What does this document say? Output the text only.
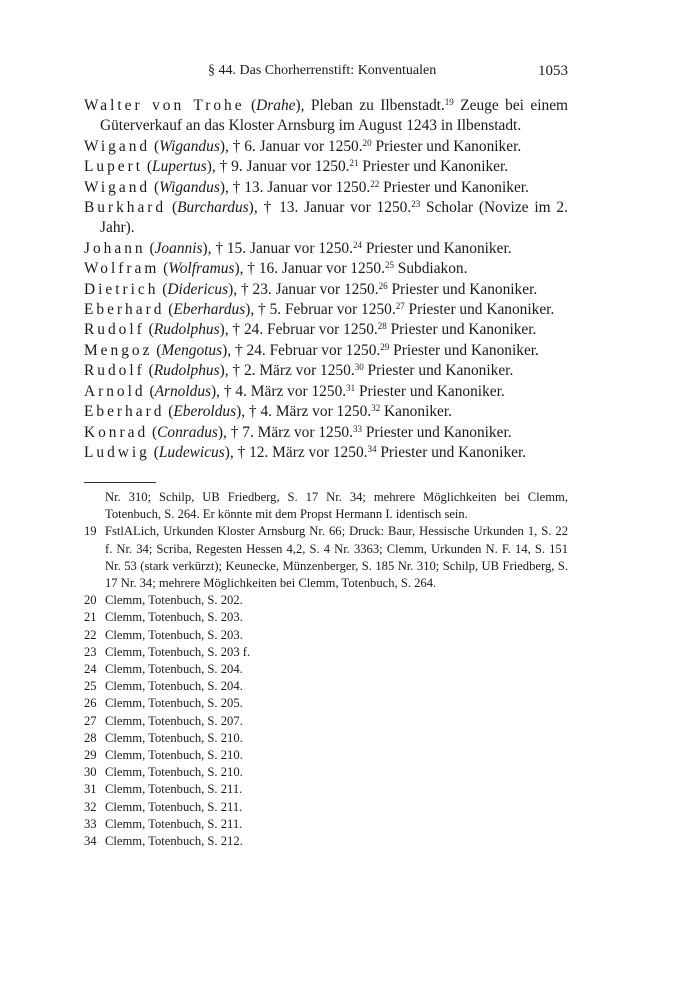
§ 44. Das Chorherrenstift: Konventualen	1053
Walter von Trohe (Drahe), Pleban zu Ilbenstadt.$^{19}$ Zeuge bei einem Güterverkauf an das Kloster Arnsburg im August 1243 in Ilbenstadt.
Wigand (Wigandus), † 6. Januar vor 1250.20 Priester und Kanoniker.
Lupert (Lupertus), † 9. Januar vor 1250.21 Priester und Kanoniker.
Wigand (Wigandus), † 13. Januar vor 1250.22 Priester und Kanoniker.
Burkhard (Burchardus), † 13. Januar vor 1250.23 Scholar (Novize im 2. Jahr).
Johann (Joannis), † 15. Januar vor 1250.24 Priester und Kanoniker.
Wolfram (Wolframus), † 16. Januar vor 1250.25 Subdiakon.
Dietrich (Didericus), † 23. Januar vor 1250.26 Priester und Kanoniker.
Eberhard (Eberhardus), † 5. Februar vor 1250.27 Priester und Kanoniker.
Rudolf (Rudolphus), † 24. Februar vor 1250.28 Priester und Kanoniker.
Mengoz (Mengotus), † 24. Februar vor 1250.29 Priester und Kanoniker.
Rudolf (Rudolphus), † 2. März vor 1250.30 Priester und Kanoniker.
Arnold (Arnoldus), † 4. März vor 1250.31 Priester und Kanoniker.
Eberhard (Eberoldus), † 4. März vor 1250.32 Kanoniker.
Konrad (Conradus), † 7. März vor 1250.33 Priester und Kanoniker.
Ludwig (Ludewicus), † 12. März vor 1250.34 Priester und Kanoniker.
Nr. 310; Schilp, UB Friedberg, S. 17 Nr. 34; mehrere Möglichkeiten bei Clemm, Totenbuch, S. 264. Er könnte mit dem Propst Hermann I. identisch sein.
19 FstlALich, Urkunden Kloster Arnsburg Nr. 66; Druck: Baur, Hessische Urkunden 1, S. 22 f. Nr. 34; Scriba, Regesten Hessen 4,2, S. 4 Nr. 3363; Clemm, Urkunden N. F. 14, S. 151 Nr. 53 (stark verkürzt); Keunecke, Münzenberger, S. 185 Nr. 310; Schilp, UB Friedberg, S. 17 Nr. 34; mehrere Möglichkeiten bei Clemm, Totenbuch, S. 264.
20 Clemm, Totenbuch, S. 202.
21 Clemm, Totenbuch, S. 203.
22 Clemm, Totenbuch, S. 203.
23 Clemm, Totenbuch, S. 203 f.
24 Clemm, Totenbuch, S. 204.
25 Clemm, Totenbuch, S. 204.
26 Clemm, Totenbuch, S. 205.
27 Clemm, Totenbuch, S. 207.
28 Clemm, Totenbuch, S. 210.
29 Clemm, Totenbuch, S. 210.
30 Clemm, Totenbuch, S. 210.
31 Clemm, Totenbuch, S. 211.
32 Clemm, Totenbuch, S. 211.
33 Clemm, Totenbuch, S. 211.
34 Clemm, Totenbuch, S. 212.
